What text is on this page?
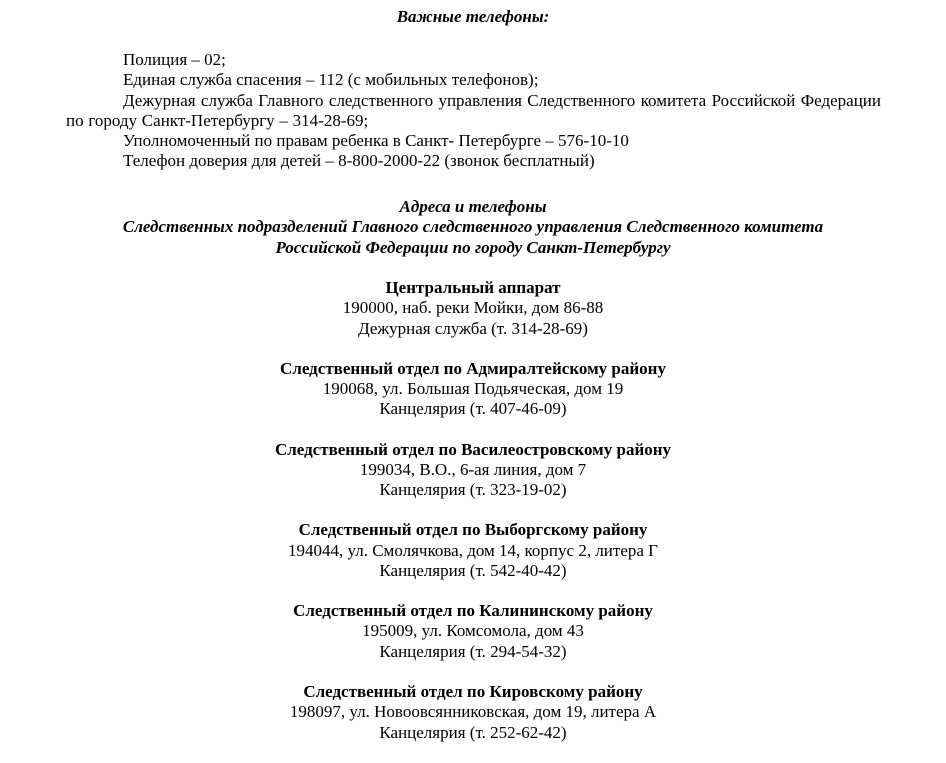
Важные телефоны:
Полиция – 02;
Единая служба спасения – 112 (с мобильных телефонов);
Дежурная служба Главного следственного управления Следственного комитета Российской Федерации по городу Санкт-Петербургу – 314-28-69;
Уполномоченный по правам ребенка в Санкт- Петербурге – 576-10-10
Телефон доверия для детей – 8-800-2000-22 (звонок бесплатный)
Адреса и телефоны
Следственных подразделений Главного следственного управления Следственного комитета
Российской Федерации по городу Санкт-Петербургу
Центральный аппарат
190000, наб. реки Мойки, дом 86-88
Дежурная служба (т. 314-28-69)
Следственный отдел по Адмиралтейскому району
190068, ул. Большая Подьяческая, дом 19
Канцелярия (т. 407-46-09)
Следственный отдел по Василеостровскому району
199034, В.О., 6-ая линия, дом 7
Канцелярия (т. 323-19-02)
Следственный отдел по Выборгскому району
194044, ул. Смолячкова, дом 14, корпус 2, литера Г
Канцелярия (т. 542-40-42)
Следственный отдел по Калининскому району
195009, ул. Комсомола, дом 43
Канцелярия (т. 294-54-32)
Следственный отдел по Кировскому району
198097, ул. Новоовсянниковская, дом 19, литера А
Канцелярия (т. 252-62-42)
